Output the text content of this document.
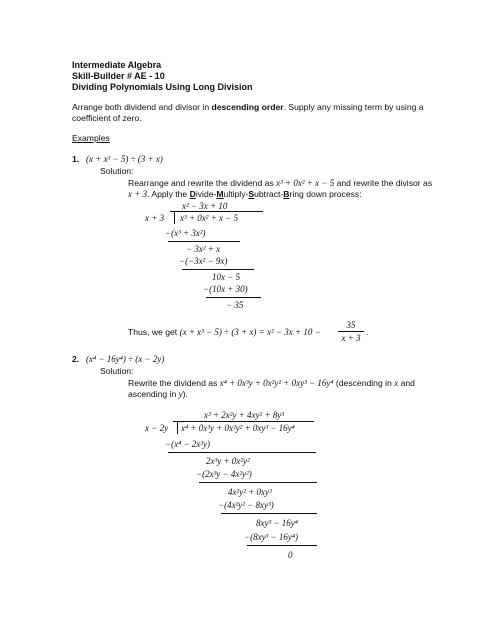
Intermediate Algebra
Skill-Builder # AE - 10
Dividing Polynomials Using Long Division
Arrange both dividend and divisor in descending order. Supply any missing term by using a
coefficient of zero.
Examples
1. (x + x³ − 5) ÷ (3 + x)
Solution:
Rearrange and rewrite the dividend as x³ + 0x² + x − 5 and rewrite the divisor as
x + 3. Apply the Divide-Multiply-Subtract-Bring down process:
x² − 3x + 10
x + 3 x³ + 0x² + x − 5
−(x³ + 3x²)
− 3x² + x
−(−3x² − 9x)
10x − 5
−(10x + 30)
− 35
Thus, we get (x + x³ − 5) ÷ (3 + x) = x² − 3x + 10 −
35
x + 3
.
2. (x⁴ − 16y⁴) ÷ (x − 2y)
Solution:
Rewrite the dividend as x⁴ + 0x³y + 0x²y² + 0xy³ − 16y⁴ (descending in x and
ascending in y).
x³ + 2x²y + 4xy² + 8y³
x − 2y x⁴ + 0x³y + 0x²y² + 0xy³ − 16y⁴
−(x⁴ − 2x³y)
2x³y + 0x²y²
−(2x³y − 4x²y²)
4x²y² + 0xy³
−(4x²y² − 8xy³)
8xy³ − 16y⁴
−(8xy³ − 16y⁴)
0
